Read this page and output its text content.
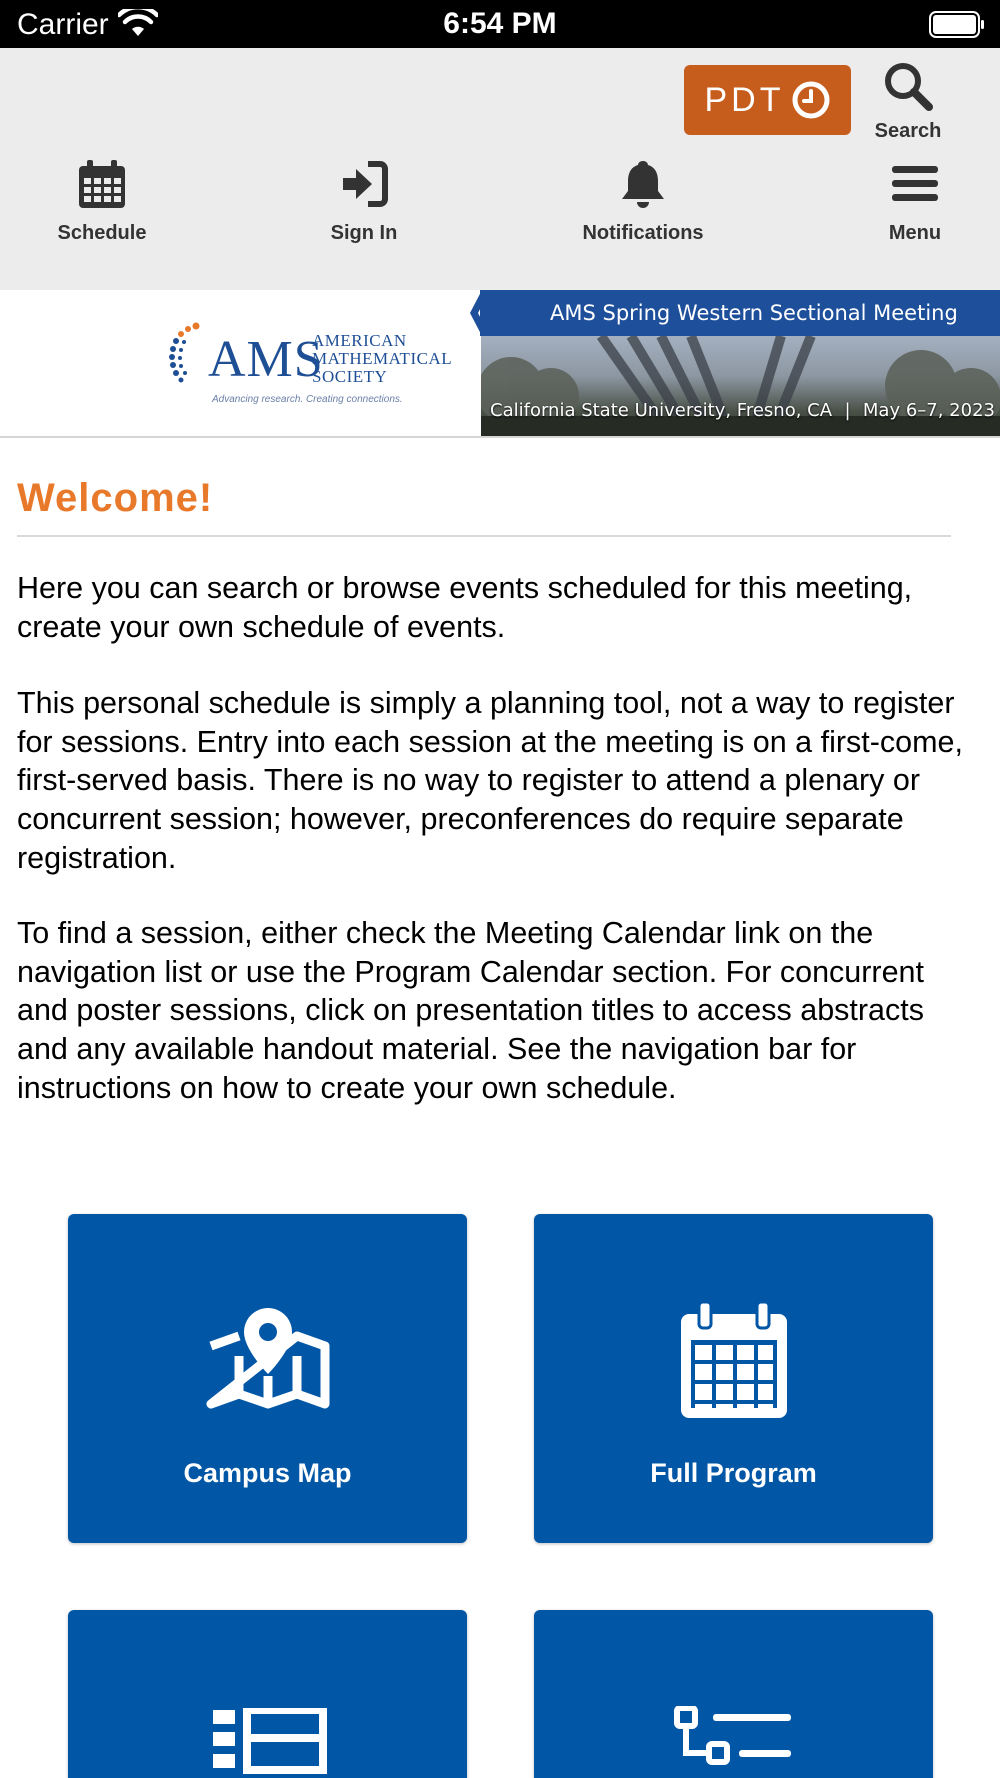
Carrier	6:54 PM
PDT
Search
Schedule	Sign In	Notifications	Menu
AMS
AMERICAN
MATHEMATICAL
SOCIETY
Advancing research. Creating connections.
AMS Spring Western Sectional Meeting
California State University, Fresno, CA | May 6–7, 2023
Welcome!

Here you can search or browse events scheduled for this meeting, create your own schedule of events.

This personal schedule is simply a planning tool, not a way to register for sessions. Entry into each session at the meeting is on a first-come, first-served basis. There is no way to register to attend a plenary or concurrent session; however, preconferences do require separate registration.

To find a session, either check the Meeting Calendar link on the navigation list or use the Program Calendar section. For concurrent and poster sessions, click on presentation titles to access abstracts and any available handout material. See the navigation bar for instructions on how to create your own schedule.

Campus Map	Full Program
